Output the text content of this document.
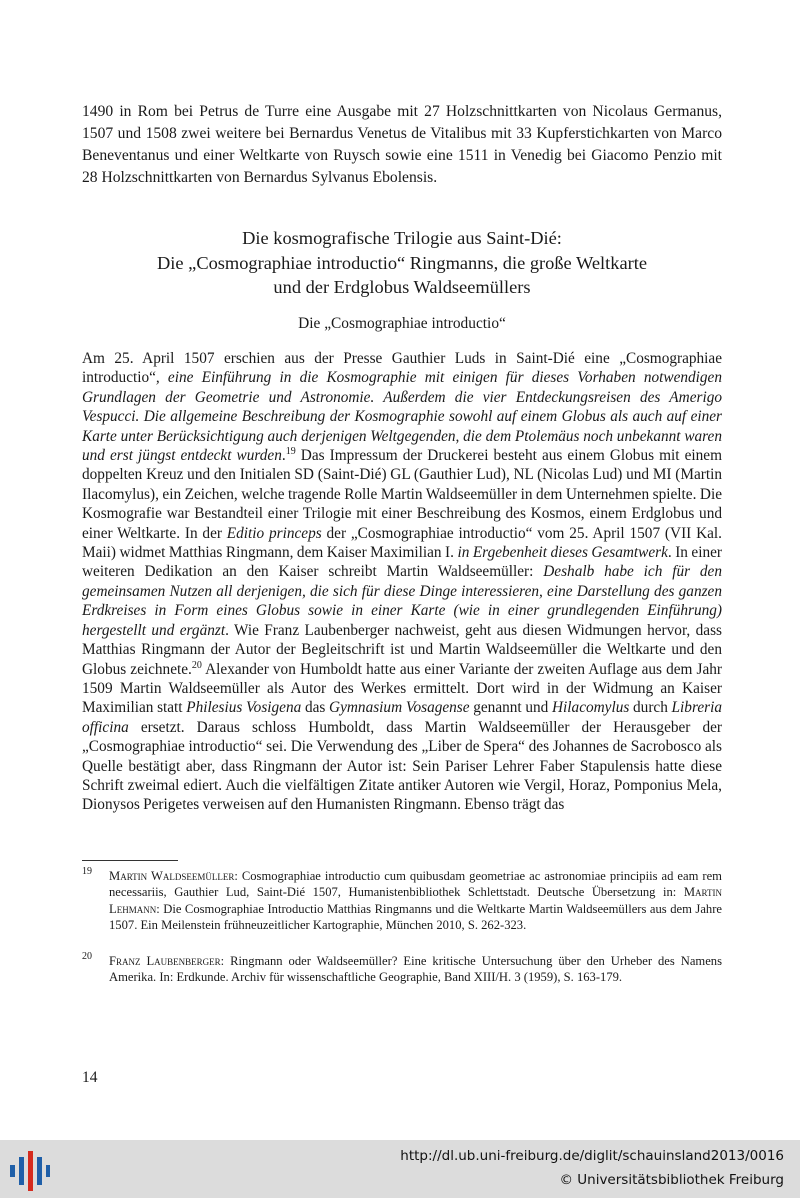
1490 in Rom bei Petrus de Turre eine Ausgabe mit 27 Holzschnittkarten von Nicolaus Germanus, 1507 und 1508 zwei weitere bei Bernardus Venetus de Vitalibus mit 33 Kupferstichkarten von Marco Beneventanus und einer Weltkarte von Ruysch sowie eine 1511 in Venedig bei Giacomo Penzio mit 28 Holzschnittkarten von Bernardus Sylvanus Ebolensis.

Die kosmografische Trilogie aus Saint-Dié:
Die „Cosmographiae introductio“ Ringmanns, die große Weltkarte
und der Erdglobus Waldseemüllers

Die „Cosmographiae introductio“

Am 25. April 1507 erschien aus der Presse Gauthier Luds in Saint-Dié eine „Cosmographiae introductio“, eine Einführung in die Kosmographie mit einigen für dieses Vorhaben notwendigen Grundlagen der Geometrie und Astronomie. Außerdem die vier Entdeckungsreisen des Amerigo Vespucci. Die allgemeine Beschreibung der Kosmographie sowohl auf einem Globus als auch auf einer Karte unter Berücksichtigung auch derjenigen Weltgegenden, die dem Ptolemäus noch unbekannt waren und erst jüngst entdeckt wurden.$^{19}$ Das Impressum der Druckerei besteht aus einem Globus mit einem doppelten Kreuz und den Initialen SD (Saint-Dié) GL (Gauthier Lud), NL (Nicolas Lud) und MI (Martin Ilacomylus), ein Zeichen, welche tragende Rolle Martin Waldseemüller in dem Unternehmen spielte. Die Kosmografie war Bestandteil einer Trilogie mit einer Beschreibung des Kosmos, einem Erdglobus und einer Weltkarte. In der Editio princeps der „Cosmographiae introductio“ vom 25. April 1507 (VII Kal. Maii) widmet Matthias Ringmann, dem Kaiser Maximilian I. in Ergebenheit dieses Gesamtwerk. In einer weiteren Dedikation an den Kaiser schreibt Martin Waldseemüller: Deshalb habe ich für den gemeinsamen Nutzen all derjenigen, die sich für diese Dinge interessieren, eine Darstellung des ganzen Erdkreises in Form eines Globus sowie in einer Karte (wie in einer grundlegenden Einführung) hergestellt und ergänzt. Wie Franz Laubenberger nachweist, geht aus diesen Widmungen hervor, dass Matthias Ringmann der Autor der Begleitschrift ist und Martin Waldseemüller die Weltkarte und den Globus zeichnete.$^{20}$ Alexander von Humboldt hatte aus einer Variante der zweiten Auflage aus dem Jahr 1509 Martin Waldseemüller als Autor des Werkes ermittelt. Dort wird in der Widmung an Kaiser Maximilian statt Philesius Vosigena das Gymnasium Vosagense genannt und Hilacomylus durch Libreria officina ersetzt. Daraus schloss Humboldt, dass Martin Waldseemüller der Herausgeber der „Cosmographiae introductio“ sei. Die Verwendung des „Liber de Spera“ des Johannes de Sacrobosco als Quelle bestätigt aber, dass Ringmann der Autor ist: Sein Pariser Lehrer Faber Stapulensis hatte diese Schrift zweimal ediert. Auch die vielfältigen Zitate antiker Autoren wie Vergil, Horaz, Pomponius Mela, Dionysos Perigetes verweisen auf den Humanisten Ringmann. Ebenso trägt das

19 Martin Waldseemüller: Cosmographiae introductio cum quibusdam geometriae ac astronomiae principiis ad eam rem necessariis, Gauthier Lud, Saint-Dié 1507, Humanistenbibliothek Schlettstadt. Deutsche Übersetzung in: Martin Lehmann: Die Cosmographiae Introductio Matthias Ringmanns und die Weltkarte Martin Waldseemüllers aus dem Jahre 1507. Ein Meilenstein frühneuzeitlicher Kartographie, München 2010, S. 262-323.
20 Franz Laubenberger: Ringmann oder Waldseemüller? Eine kritische Untersuchung über den Urheber des Namens Amerika. In: Erdkunde. Archiv für wissenschaftliche Geographie, Band XIII/H. 3 (1959), S. 163-179.

14

http://dl.ub.uni-freiburg.de/diglit/schauinsland2013/0016
© Universitätsbibliothek Freiburg
